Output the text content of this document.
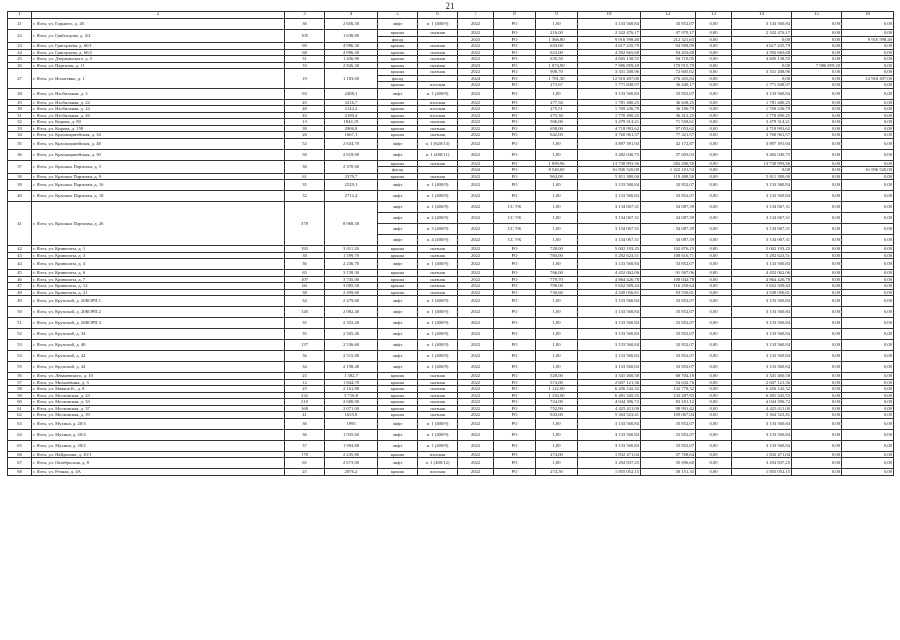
21
1	2	3	4	5	6	7	8	9	10	12	13	14	15	16
21	г. Ялта, ул. Горького, д. 26	36	2 656,30	лифт	п. 1 (400/9)	2022	РО	1,00	3 133 560,84	33 852,07	0,00	3 133 560,84	0,00	0,00
22	г. Ялта, ул. Грибоедова, д. 4/2	105	1 638,80	крыша	скатная	2022	РО	216,00	2 332 476,17	47 970,17	0,00	2 332 476,17	0,00	0,00
				фасад		2023	РО	1 366,80	9 916 598,40	212 321,63	0,00	0,00	0,00	9 916 598,40
23	г. Ялта, ул. Григорьева, д. 60/1	69	4 996,30	крыша	скатная	2022	РО	633,00	4 617 235,79	94 958,99	0,00	4 617 235,79	0,00	0,00
24	г. Ялта, ул. Григорьева, д. 60/2	68	4 996,30	крыша	скатная	2022	РО	623,00	4 592 665,68	94 453,68	0,00	4 592 665,68	0,00	0,00
25	г. Ялта, ул. Дзержинского, д. 5	31	1 436,90	крыша	скатная	2022	РО	635,50	4 605 138,55	94 710,05	0,00	4 605 138,55	0,00	0,00
26	г. Ялта, ул. Партизан, д. 11	33	2 826,30	крыша	скатная	2023	РО	1 074,90	7 986 859,20	170 915,79	0,00	0,00	7 986 859,20	0,00
27	г. Ялта, ул. Игнатенко, д. 1	19	1 183,00	крыша	скатная	2022	РО	908,70	3 331 208,96	72 605,62	0,00	3 331 208,96	0,00	0,00
				фасад		2024	РО	1 781,50	12 918 497,00	276 455,84	0,00	0,00	0,00	12 918 497,00
				крыша	плоская	2022	РО	273,67	1 771 848,97	36 440,17	0,00	1 771 848,97	0,00	0,00
28	г. Ялта, ул. Изобильная, д. 3	63	2408,1	лифт	п. 1 (400/9)	2022	РО	1,00	3 133 560,84	33 852,07	0,00	3 133 560,84	0,00	0,00
29	г. Ялта, ул. Изобильная, д. 22	45	3216,7	крыша	плоская	2022	РО	277,50	1 781 480,25	36 638,25	0,00	1 781 480,25	0,00	0,00
30	г. Ялта, ул. Изобильная, д. 24	40	2142,2	крыша	плоская	2022	РО	275,51	1 769 236,79	36 186,79	0,00	1 769 236,79	0,00	0,00
31	г. Ялта, ул. Изобильная, д. 26	45	2190,4	крыша	плоская	2022	РО	275,30	1 770 490,25	36 412,25	0,00	1 770 490,25	0,00	0,00
32	г. Ялта, ул. Кирова, д. 80	13	1844,19	крыша	скатная	2022	РО	506,00	3 479 314,21	71 558,61	0,00	3 479 314,21	0,00	0,00
33	г. Ялта, ул. Кирова, д. 158	39	2906,8	крыша	скатная	2022	РО	658,00	4 718 993,62	97 053,62	0,00	4 718 993,62	0,00	0,00
34	г. Ялта, ул. Красноармейская, д. 34	26	1667,1	крыша	скатная	2022	РО	642,00	3 760 961,57	77 321,57	0,00	3 760 961,57	0,00	0,00
35	г. Ялта, ул. Красноармейская, д. 48	52	2 634,70	лифт	п. 1 (620/13)	2022	РО	1,00	3 897 391,94	42 172,87	0,00	3 897 391,94	0,00	0,00
36	г. Ялта, ул. Красноармейская, д. 50	50	2 619,90	лифт	п. 1 (400/11)	2022	РО	1,00	3 482 040,75	37 605,03	0,00	3 482 040,75	0,00	0,00
37	г. Ялта, ул. Красных Партизан, д. 5	30	2 370,00	крыша	скатная	2022	РО	1 099,96	13 730 993,36	282 200,56	0,00	13 730 993,36	0,00	0,00
				фасад		2024	РО	8 540,00	61 836 520,00	1 322 101,53	0,00	0,00	0,00	61 836 520,00
38	г. Ялта, ул. Красных Партизан, д. 9	61	2379,7	крыша	скатная	2022	РО	963,00	5 811 380,00	119 488,50	0,00	5 811 380,00	0,00	0,00
39	г. Ялта, ул. Красных Партизан, д. 16	35	2529,1	лифт	п. 1 (400/9)	2022	РО	1,00	3 133 560,84	33 852,07	0,00	3 133 560,84	0,00	0,00
40	г. Ялта, ул. Красных Партизан, д. 18	32	2712,4	лифт	п. 1 (400/9)	2022	РО	1,00	3 133 560,84	33 852,07	0,00	3 133 560,84	0,00	0,00
41	г. Ялта, ул. Красных Партизан, д. 26	378	8 968,30	лифт	п. 1 (400/9)	2022	СС УК	1,00	3 134 067,31	34 087,39	0,00	3 134 067,31	0,00	0,00
				лифт	п. 2 (400/9)	2022	СС УК	1,00	3 134 067,31	34 087,39	0,00	3 134 067,31	0,00	0,00
				лифт	п. 3 (400/9)	2022	СС УК	1,00	3 134 067,31	34 087,39	0,00	3 134 067,31	0,00	0,00
				лифт	п. 4 (400/9)	2022	СС УК	1,00	3 134 067,31	34 087,39	0,00	3 134 067,31	0,00	0,00
42	г. Ялта, ул. Кривошты, д. 1	193	3 011,20	крыша	скатная	2022	РО	728,00	5 002 193,25	102 876,25	0,00	5 002 193,25	0,00	0,00
43	г. Ялта, ул. Кривошты, д. 3	38	1 599,70	крыша	скатная	2022	РО	783,00	5 292 623,51	108 616,71	0,00	5 292 623,51	0,00	0,00
44	г. Ялта, ул. Кривошты, д. 4	36	2 236,70	лифт	п. 1 (400/9)	2022	РО	1,00	3 133 560,84	33 852,07	0,00	3 133 560,84	0,00	0,00
45	г. Ялта, ул. Кривошты, д. 6	65	3 158,30	крыша	скатная	2022	РО	766,00	4 452 062,06	91 567,06	0,00	4 452 062,06	0,00	0,00
46	г. Ялта, ул. Кривошты, д. 7	107	3 745,00	крыша	скатная	2022	РО	779,70	4 864 426,78	100 042,78	0,00	4 864 426,78	0,00	0,00
47	г. Ялта, ул. Кривошты, д. 12	60	3 005,50	крыша	скатная	2022	РО	798,00	5 652 509,44	116 250,64	0,00	5 652 509,44	0,00	0,00
48	г. Ялта, ул. Кривошты, д. 21	38	2 499,60	крыша	скатная	2022	РО	730,60	4 549 056,81	93 556,81	0,00	4 549 056,81	0,00	0,00
49	г. Ялта, ул. Крупской, д. 20КОРП.1	34	2 479,60	лифт	п. 1 (400/9)	2022	РО	1,00	3 133 560,84	33 852,07	0,00	3 133 560,84	0,00	0,00
50	г. Ялта, ул. Крупской, д. 20КОРП.2	126	2 082,40	лифт	п. 1 (400/9)	2022	РО	1,00	3 133 560,84	33 852,07	0,00	3 133 560,84	0,00	0,00
51	г. Ялта, ул. Крупской, д. 20КОРП.3	35	2 352,20	лифт	п. 1 (400/9)	2022	РО	1,00	3 133 560,84	33 852,07	0,00	3 133 560,84	0,00	0,00
52	г. Ялта, ул. Крупской, д. 34	35	2 505,40	лифт	п. 1 (400/9)	2022	РО	1,00	3 133 560,84	33 852,07	0,00	3 133 560,84	0,00	0,00
53	г. Ялта, ул. Крупской, д. 40	137	2 536,60	лифт	п. 1 (400/9)	2022	РО	1,00	3 133 560,84	33 852,07	0,00	3 133 560,84	0,00	0,00
54	г. Ялта, ул. Крупской, д. 42	36	2 515,00	лифт	п. 1 (400/9)	2022	РО	1,00	3 133 560,84	33 852,07	0,00	3 133 560,84	0,00	0,00
55	г. Ялта, ул. Крупской, д. 44	34	2 198,40	лифт	п. 1 (400/9)	2022	РО	1,00	3 133 560,84	33 852,07	0,00	3 133 560,84	0,00	0,00
56	г. Ялта, ул. Леваневского, д. 10	25	1 382,7	крыша	скатная	2022	РО	528,00	3 341 460,58	68 704,18	0,00	3 341 460,58	0,00	0,00
57	г. Ялта, ул. Михалёвина, д. 3	12	1 844,70	крыша	скатная	2022	РО	574,00	2 607 121,36	54 632,76	0,00	2 607 121,36	0,00	0,00
58	г. Ялта, ул. Маяков К., д. 8	25	2 161,80	крыша	скатная	2022	РО	1 122,00	6 456 142,32	132 778,32	0,00	6 456 142,32	0,00	0,00
59	г. Ялта, ул. Московская, д. 23	232	3 716,8	крыша	скатная	2022	РО	1 150,00	6 481 345,55	133 287,85	0,00	6 481 345,55	0,00	0,00
60	г. Ялта, ул. Московская, д. 33	210	2 600,00	крыша	скатная	2022	РО	724,00	4 044 396,72	83 181,12	0,00	4 044 396,72	0,00	0,00
61	г. Ялта, ул. Московская, д. 37	168	2 071,00	крыша	скатная	2022	РО	752,90	4 425 411,00	90 991,42	0,00	4 425 411,00	0,00	0,00
62	г. Ялта, ул. Московская, д. 39	41	1655,8	крыша	скатная	2022	РО	943,00	5 304 523,41	109 067,04	0,00	5 304 523,41	0,00	0,00
63	г. Ялта, ул. Мухина, д. 20/3	36	1993	лифт	п. 1 (400/9)	2022	РО	1,00	3 133 560,84	33 852,07	0,00	3 133 560,84	0,00	0,00
64	г. Ялта, ул. Мухина, д. 20/4	36	1 935,60	лифт	п. 1 (400/9)	2022	РО	1,00	3 133 560,84	33 852,07	0,00	3 133 560,84	0,00	0,00
65	г. Ялта, ул. Мухина, д. 28/2	37	1 994,80	лифт	п. 1 (400/9)	2022	РО	1,00	3 133 560,84	33 852,07	0,00	3 133 560,84	0,00	0,00
66	г. Ялта, ул. Найденова, д. 10/1	178	2 235,80	крыша	плоская	2022	РО	274,00	1 832 471,04	37 768,64	0,00	1 832 471,04	0,00	0,00
67	г. Ялта, ул. Октябрьская, д. 8	65	2 673,00	лифт	п. 1 (400/12)	2022	РО	1,00	3 294 837,25	35 696,60	0,00	3 294 837,25	0,00	0,00
68	г. Ялта, ул. Речная, д. 4А	25	2876,2	крыша	плоская	2022	РО	274,50	1 855 052,15	38 151,35	0,00	1 855 052,15	0,00	0,00
